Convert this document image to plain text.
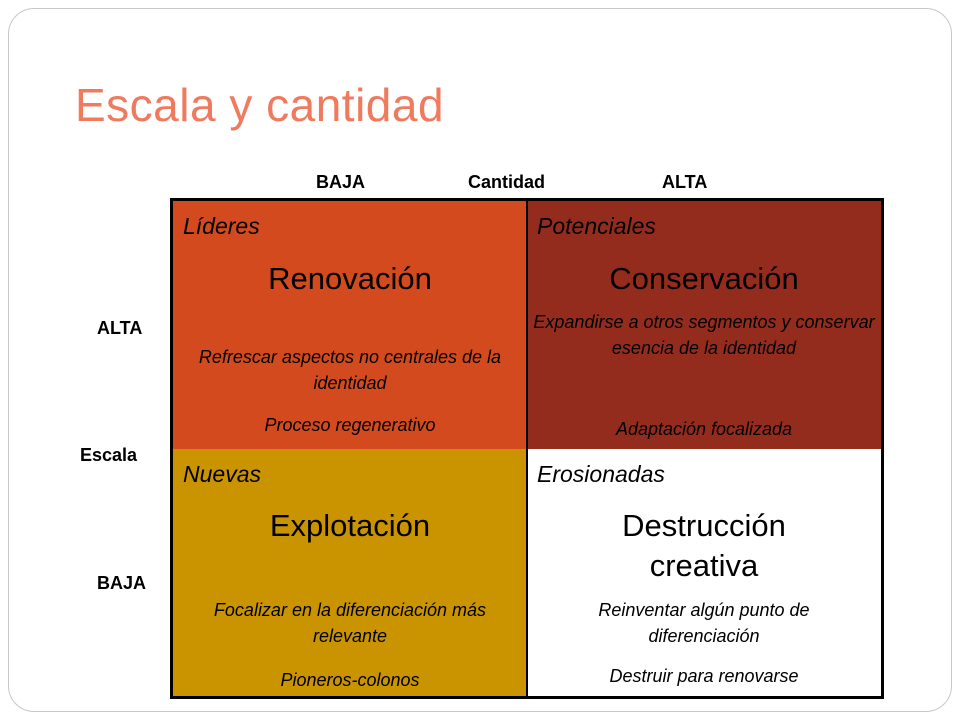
Escala y cantidad
BAJA	Cantidad	ALTA
ALTA
Escala
BAJA
Líderes
Renovación
Refrescar aspectos no centrales de la identidad
Proceso regenerativo
Potenciales
Conservación
Expandirse a otros segmentos y conservar esencia de la identidad
Adaptación focalizada
Nuevas
Explotación
Focalizar en la diferenciación más relevante
Pioneros-colonos
Erosionadas
Destrucción creativa
Reinventar algún punto de diferenciación
Destruir para renovarse
